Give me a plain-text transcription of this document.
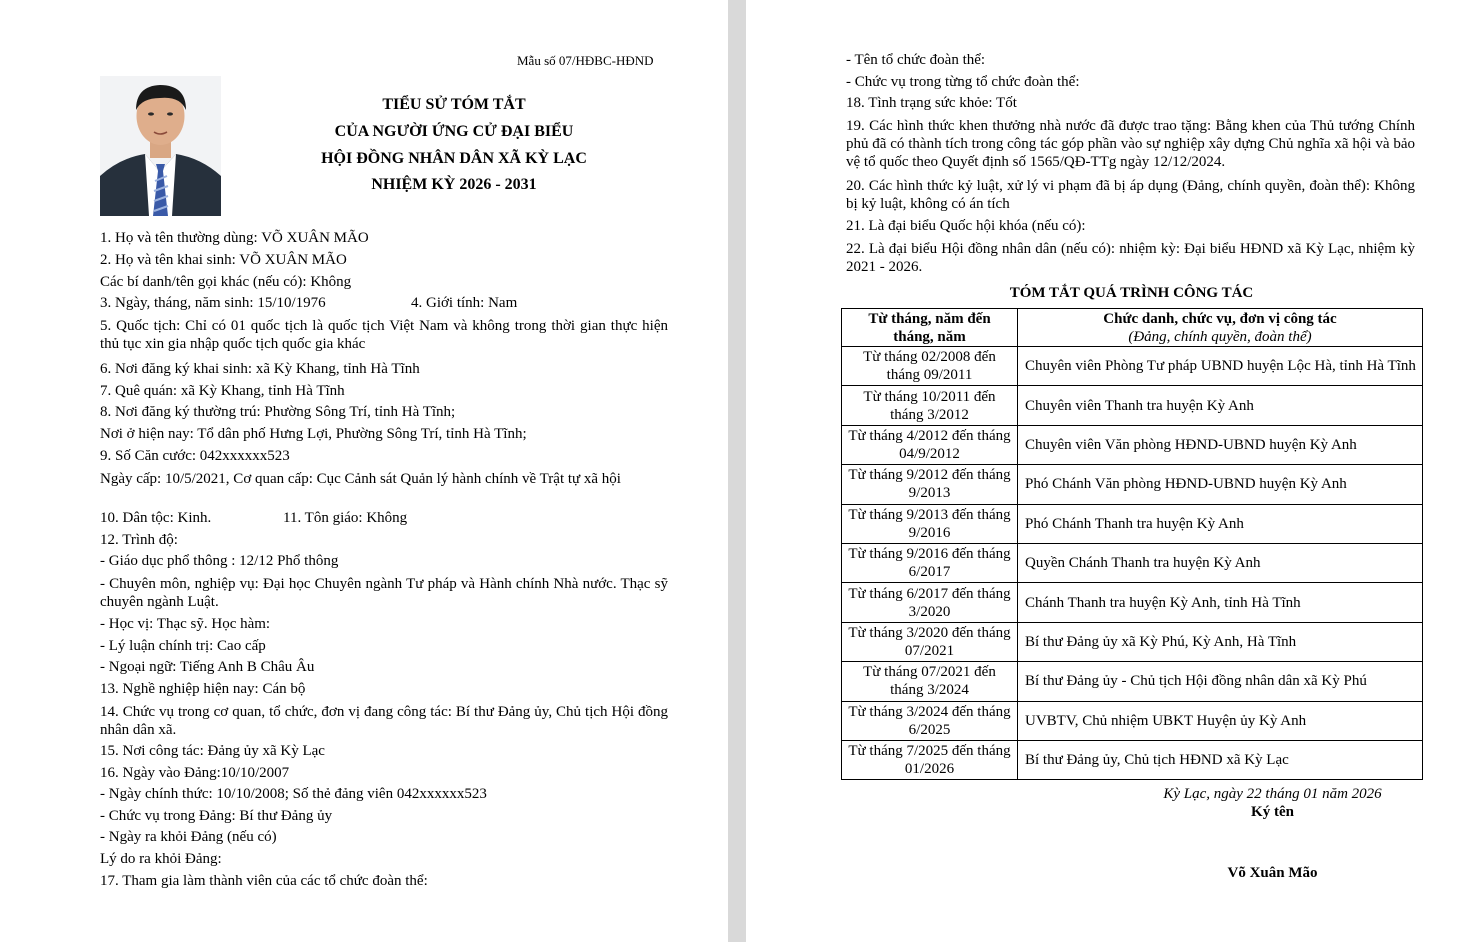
Mẫu số 07/HĐBC-HĐND
TIỂU SỬ TÓM TẮT
CỦA NGƯỜI ỨNG CỬ ĐẠI BIỂU
HỘI ĐỒNG NHÂN DÂN XÃ KỲ LẠC
NHIỆM KỲ 2026 - 2031
1. Họ và tên thường dùng: VÕ XUÂN MÃO
2. Họ và tên khai sinh: VÕ XUÂN MÃO
Các bí danh/tên gọi khác (nếu có): Không
3. Ngày, tháng, năm sinh: 15/10/1976	4. Giới tính: Nam
5. Quốc tịch: Chỉ có 01 quốc tịch là quốc tịch Việt Nam và không trong thời gian thực hiện thủ tục xin gia nhập quốc tịch quốc gia khác
6. Nơi đăng ký khai sinh: xã Kỳ Khang, tỉnh Hà Tĩnh
7. Quê quán: xã Kỳ Khang, tỉnh Hà Tĩnh
8. Nơi đăng ký thường trú: Phường Sông Trí, tỉnh Hà Tĩnh;
Nơi ở hiện nay: Tổ dân phố Hưng Lợi, Phường Sông Trí, tỉnh Hà Tĩnh;
9. Số Căn cước: 042xxxxxx523
Ngày cấp: 10/5/2021, Cơ quan cấp: Cục Cảnh sát Quản lý hành chính về Trật tự xã hội
10. Dân tộc: Kinh.	11. Tôn giáo: Không
12. Trình độ:
- Giáo dục phổ thông : 12/12 Phổ thông
- Chuyên môn, nghiệp vụ: Đại học Chuyên ngành Tư pháp và Hành chính Nhà nước. Thạc sỹ chuyên ngành Luật.
- Học vị: Thạc sỹ. Học hàm:
- Lý luận chính trị: Cao cấp
- Ngoại ngữ: Tiếng Anh B Châu Âu
13. Nghề nghiệp hiện nay: Cán bộ
14. Chức vụ trong cơ quan, tổ chức, đơn vị đang công tác: Bí thư Đảng ủy, Chủ tịch Hội đồng nhân dân xã.
15. Nơi công tác: Đảng ủy xã Kỳ Lạc
16. Ngày vào Đảng:10/10/2007
- Ngày chính thức: 10/10/2008; Số thẻ đảng viên 042xxxxxx523
- Chức vụ trong Đảng: Bí thư Đảng ủy
- Ngày ra khỏi Đảng (nếu có)
Lý do ra khỏi Đảng:
17. Tham gia làm thành viên của các tổ chức đoàn thể:
- Tên tổ chức đoàn thể:
- Chức vụ trong từng tổ chức đoàn thể:
18. Tình trạng sức khỏe: Tốt
19. Các hình thức khen thưởng nhà nước đã được trao tặng: Bằng khen của Thủ tướng Chính phủ đã có thành tích trong công tác góp phần vào sự nghiệp xây dựng Chủ nghĩa xã hội và bảo vệ tổ quốc theo Quyết định số 1565/QĐ-TTg ngày 12/12/2024.
20. Các hình thức kỷ luật, xử lý vi phạm đã bị áp dụng (Đảng, chính quyền, đoàn thể): Không bị kỷ luật, không có án tích
21. Là đại biểu Quốc hội khóa (nếu có):
22. Là đại biểu Hội đồng nhân dân (nếu có): nhiệm kỳ: Đại biểu HĐND xã Kỳ Lạc, nhiệm kỳ 2021 - 2026.
TÓM TẮT QUÁ TRÌNH CÔNG TÁC
Từ tháng, năm đến tháng, năm	Chức danh, chức vụ, đơn vị công tác
(Đảng, chính quyền, đoàn thể)

Từ tháng 02/2008 đến tháng 09/2011	Chuyên viên Phòng Tư pháp UBND huyện Lộc Hà, tỉnh Hà Tĩnh
Từ tháng 10/2011 đến tháng 3/2012	Chuyên viên Thanh tra huyện Kỳ Anh
Từ tháng 4/2012 đến tháng 04/9/2012	Chuyên viên Văn phòng HĐND-UBND huyện Kỳ Anh
Từ tháng 9/2012 đến tháng 9/2013	Phó Chánh Văn phòng HĐND-UBND huyện Kỳ Anh
Từ tháng 9/2013 đến tháng 9/2016	Phó Chánh Thanh tra huyện Kỳ Anh
Từ tháng 9/2016 đến tháng 6/2017	Quyền Chánh Thanh tra huyện Kỳ Anh
Từ tháng 6/2017 đến tháng 3/2020	Chánh Thanh tra huyện Kỳ Anh, tỉnh Hà Tĩnh
Từ tháng 3/2020 đến tháng 07/2021	Bí thư Đảng ủy xã Kỳ Phú, Kỳ Anh, Hà Tĩnh
Từ tháng 07/2021 đến tháng 3/2024	Bí thư Đảng ủy - Chủ tịch Hội đồng nhân dân xã Kỳ Phú
Từ tháng 3/2024 đến tháng 6/2025	UVBTV, Chủ nhiệm UBKT Huyện ủy Kỳ Anh
Từ tháng 7/2025 đến tháng 01/2026	Bí thư Đảng ủy, Chủ tịch HĐND xã Kỳ Lạc
Kỳ Lạc, ngày 22 tháng 01 năm 2026
Ký tên
Võ Xuân Mão
